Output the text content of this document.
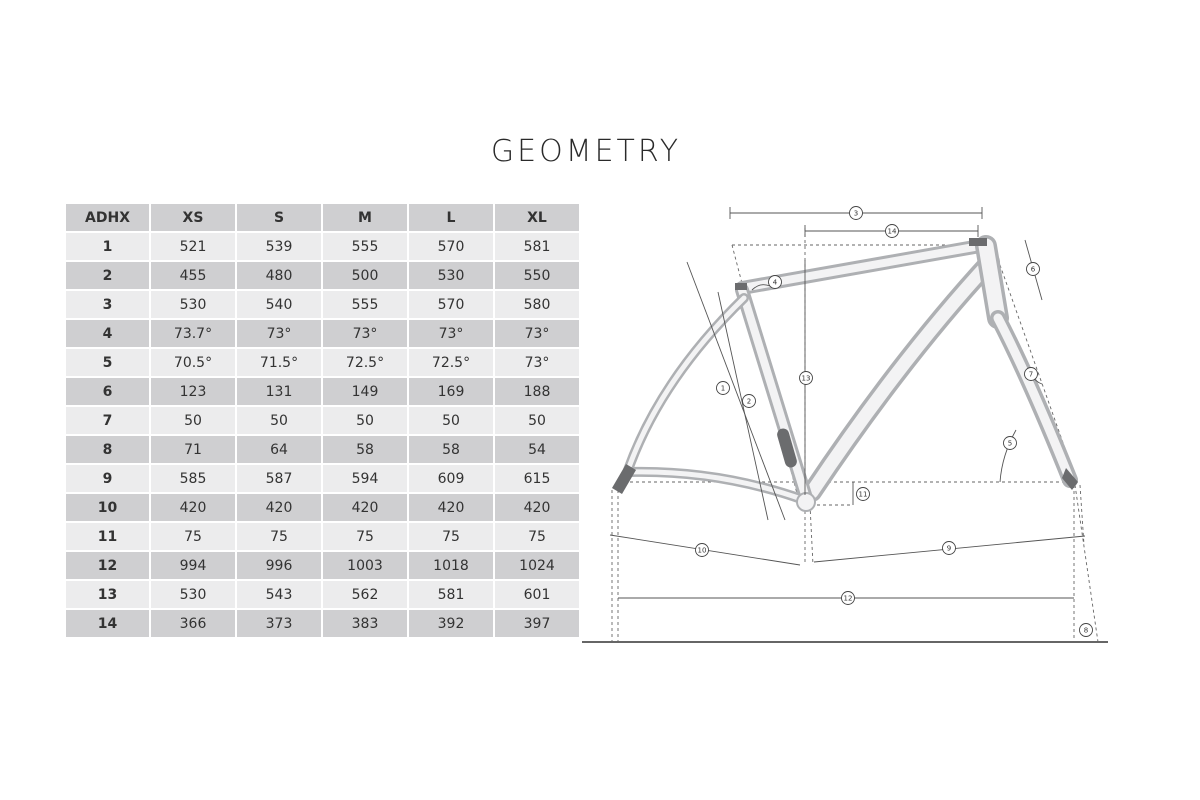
GEOMETRY
ADHX	XS	S	M	L	XL
1	521	539	555	570	581
2	455	480	500	530	550
3	530	540	555	570	580
4	73.7°	73°	73°	73°	73°
5	70.5°	71.5°	72.5°	72.5°	73°
6	123	131	149	169	188
7	50	50	50	50	50
8	71	64	58	58	54
9	585	587	594	609	615
10	420	420	420	420	420
11	75	75	75	75	75
12	994	996	1003	1018	1024
13	530	543	562	581	601
14	366	373	383	392	397
1
2
3
4
5
6
7
8
9
10
11
12
13
14
